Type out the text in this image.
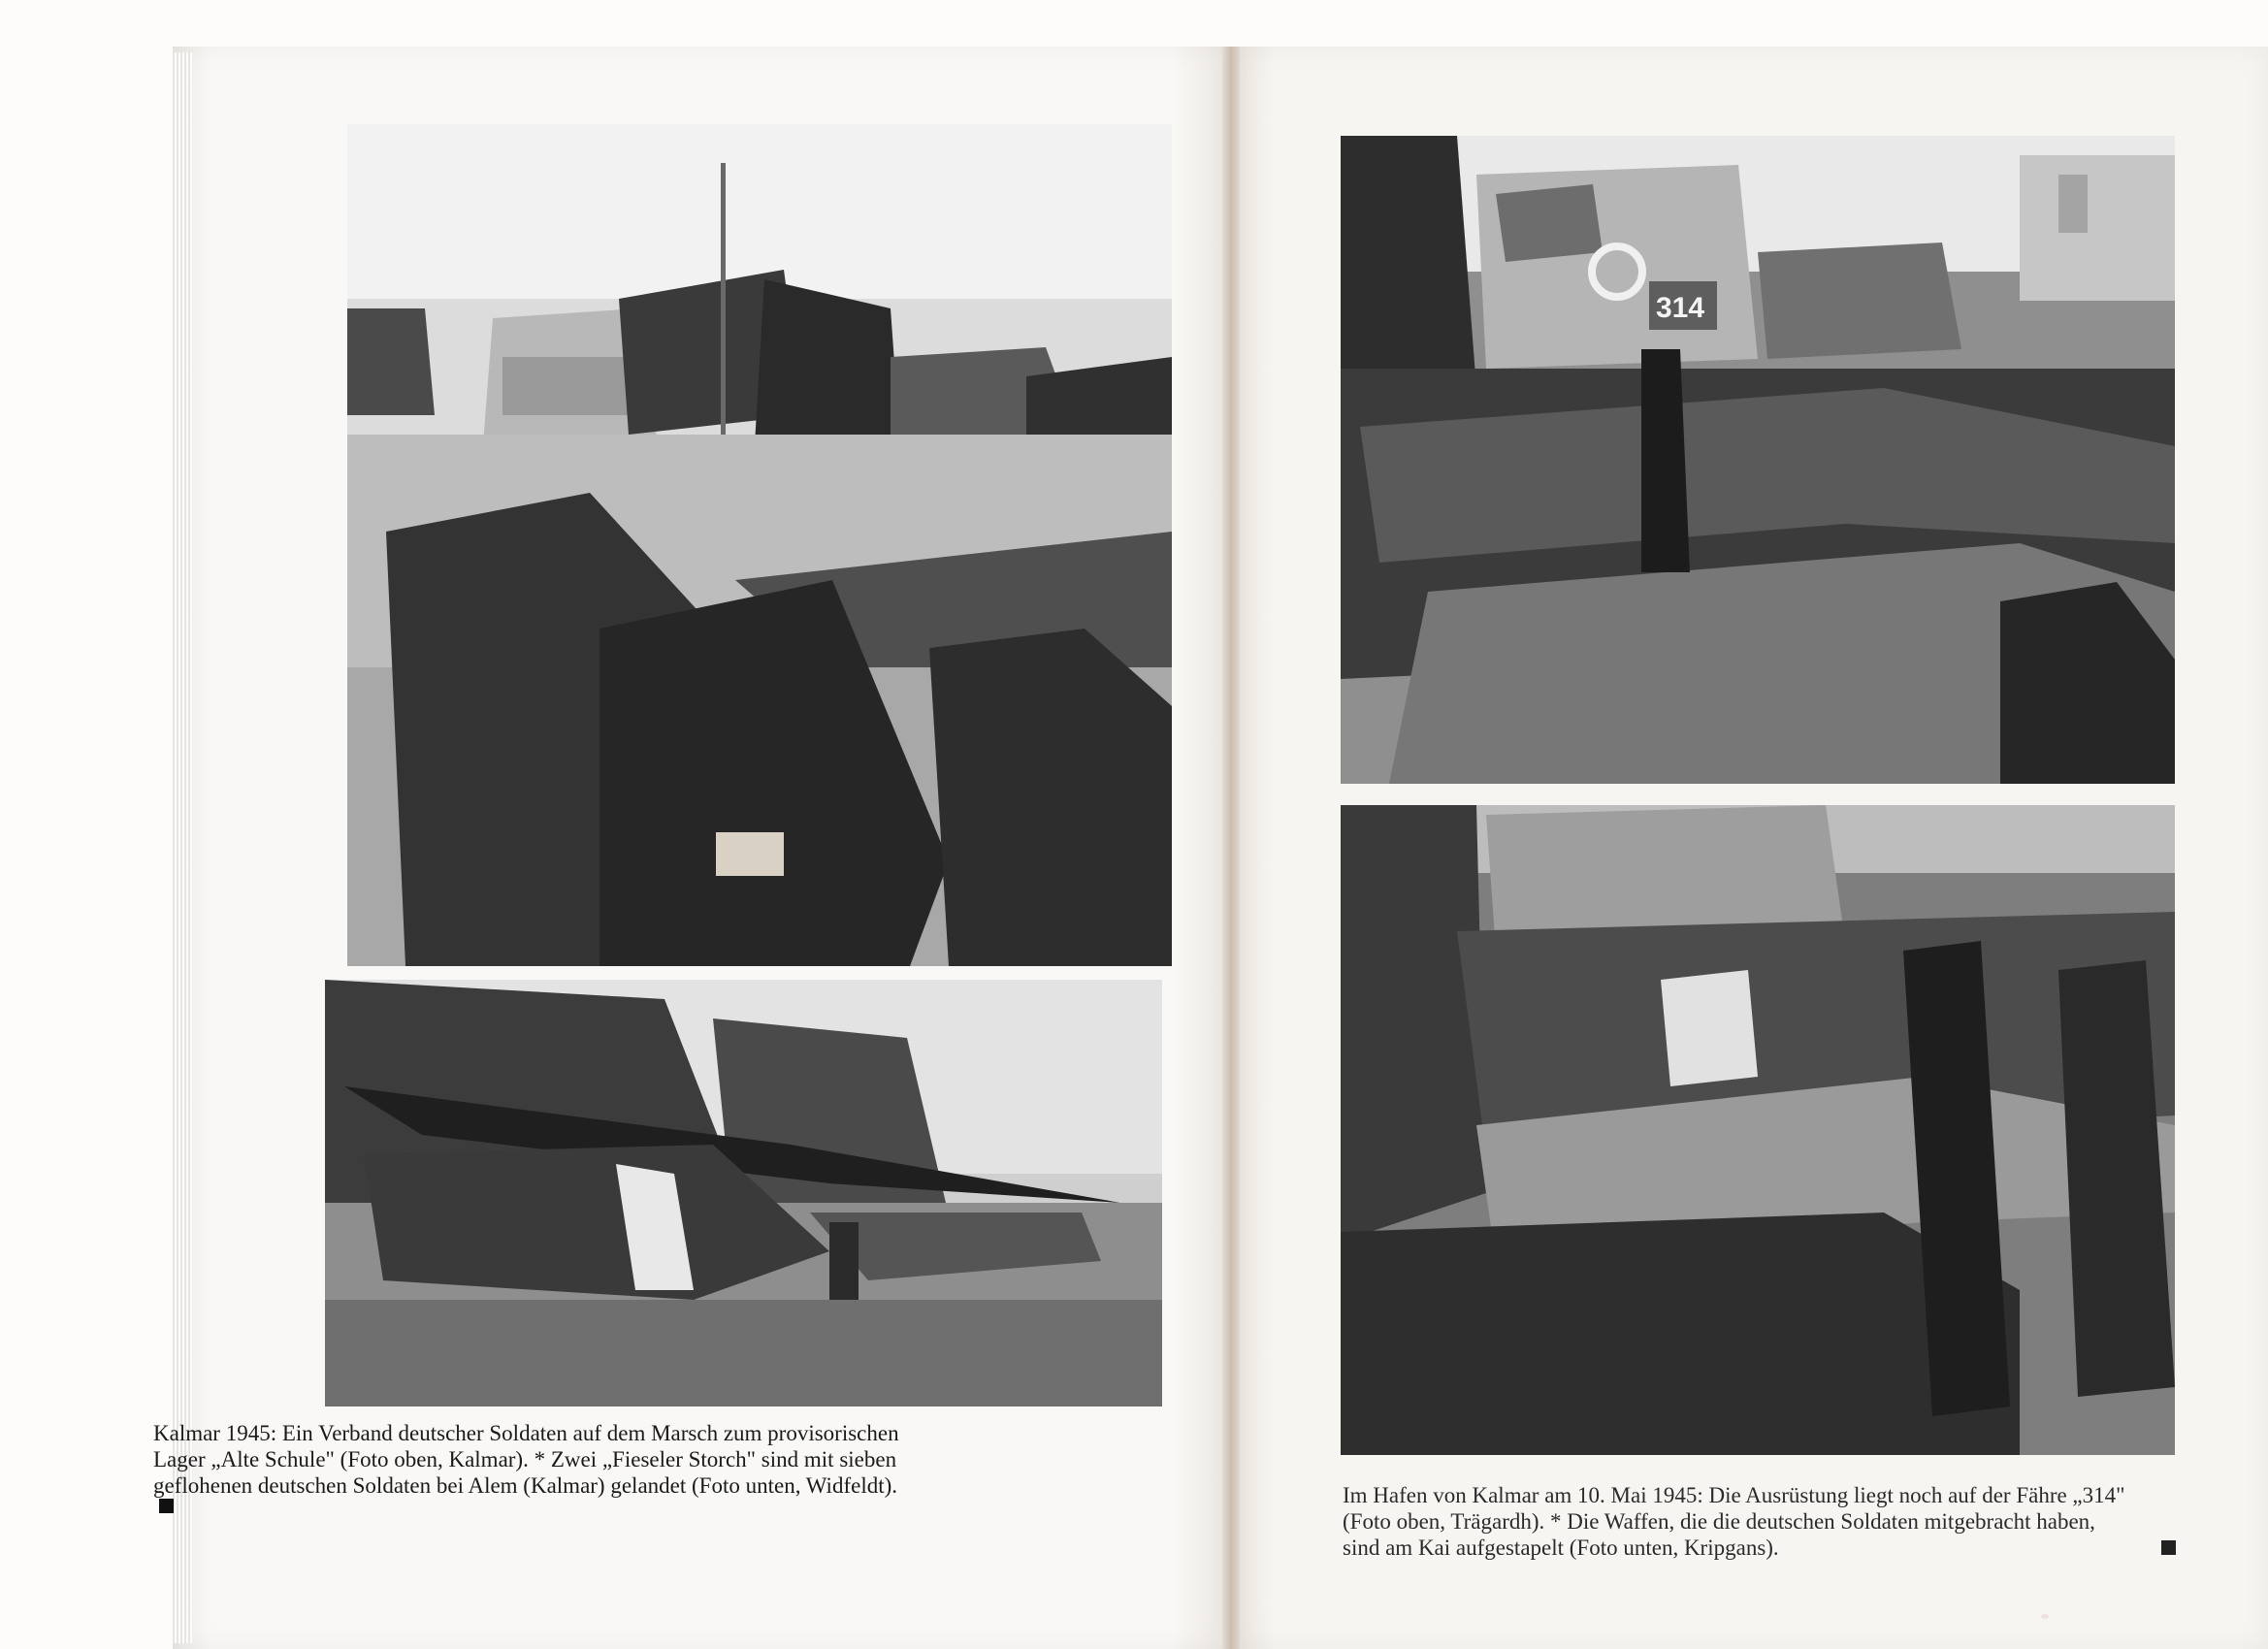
314
Kalmar 1945: Ein Verband deutscher Soldaten auf dem Marsch zum provisorischen
Lager „Alte Schule" (Foto oben, Kalmar). * Zwei „Fieseler Storch" sind mit sieben
geflohenen deutschen Soldaten bei Alem (Kalmar) gelandet (Foto unten, Widfeldt).	Im Hafen von Kalmar am 10. Mai 1945: Die Ausrüstung liegt noch auf der Fähre „314"
(Foto oben, Trägardh). * Die Waffen, die die deutschen Soldaten mitgebracht haben,
sind am Kai aufgestapelt (Foto unten, Kripgans).
